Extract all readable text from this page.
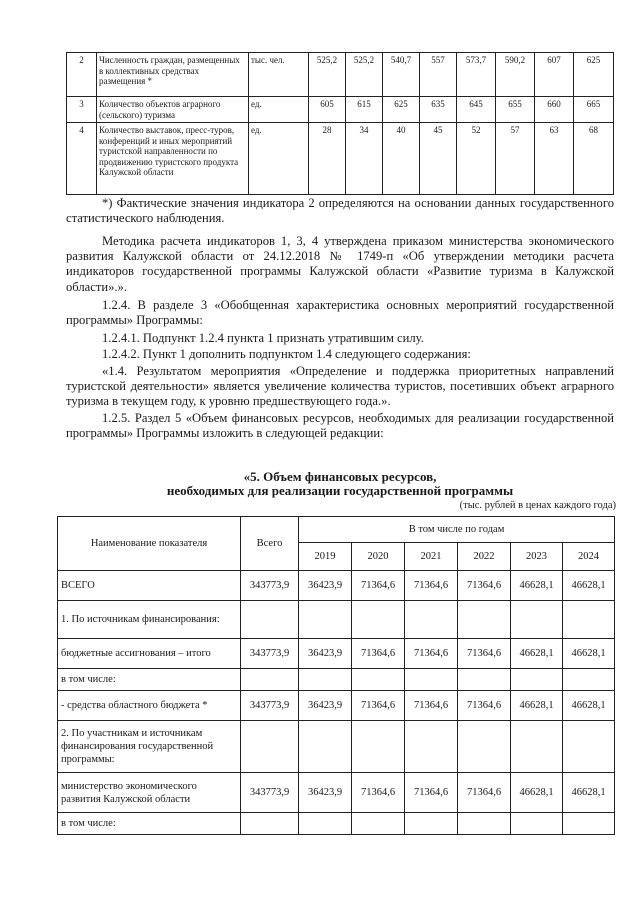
2	Численность граждан, размещенных в коллективных средствах размещения *	тыс. чел.	525,2	525,2	540,7	557	573,7	590,2	607	625
3	Количество объектов аграрного (сельского) туризма	ед.	605	615	625	635	645	655	660	665
4	Количество выставок, пресс-туров, конференций и иных мероприятий туристской направленности по продвижению туристского продукта Калужской области	ед.	28	34	40	45	52	57	63	68
*) Фактические значения индикатора 2 определяются на основании данных государственного статистического наблюдения.
Методика расчета индикаторов 1, 3, 4 утверждена приказом министерства экономического развития Калужской области от 24.12.2018 № 1749-п «Об утверждении методики расчета индикаторов государственной программы Калужской области «Развитие туризма в Калужской области».».
1.2.4. В разделе 3 «Обобщенная характеристика основных мероприятий государственной программы» Программы:
1.2.4.1. Подпункт 1.2.4 пункта 1 признать утратившим силу.
1.2.4.2. Пункт 1 дополнить подпунктом 1.4 следующего содержания:
«1.4. Результатом мероприятия «Определение и поддержка приоритетных направлений туристской деятельности» является увеличение количества туристов, посетивших объект аграрного туризма в текущем году, к уровню предшествующего года.».
1.2.5. Раздел 5 «Объем финансовых ресурсов, необходимых для реализации государственной программы» Программы изложить в следующей редакции:
«5. Объем финансовых ресурсов,
необходимых для реализации государственной программы
(тыс. рублей в ценах каждого года)
Наименование показателя	Всего	В том числе по годам					
		2019	2020	2021	2022	2023	2024
ВСЕГО	343773,9	36423,9	71364,6	71364,6	71364,6	46628,1	46628,1
1. По источникам финансирования:							
бюджетные ассигнования – итого	343773,9	36423,9	71364,6	71364,6	71364,6	46628,1	46628,1
в том числе:							
- средства областного бюджета *	343773,9	36423,9	71364,6	71364,6	71364,6	46628,1	46628,1
2. По участникам и источникам финансирования государственной программы:							
министерство экономического развития Калужской области	343773,9	36423,9	71364,6	71364,6	71364,6	46628,1	46628,1
в том числе:							
